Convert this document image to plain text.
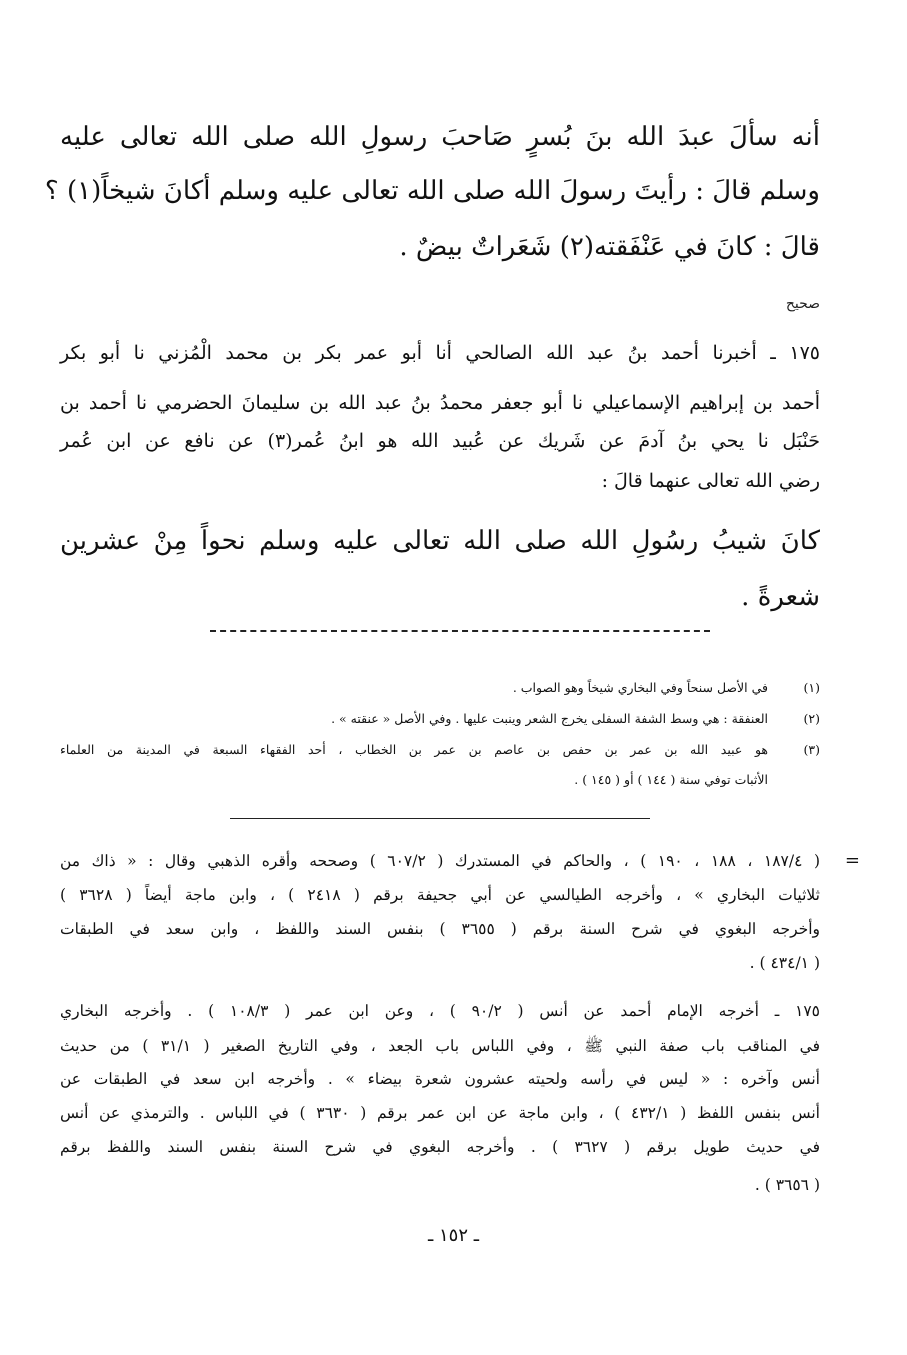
أنه سألَ عبدَ الله بنَ بُسرٍ صَاحبَ رسولِ الله صلى الله تعالى عليه
وسلم قالَ : رأيتَ رسولَ الله صلى الله تعالى عليه وسلم أكانَ شيخاً(١) ؟
قالَ : كانَ في عَنْفَقته(٢) شَعَراتٌ بيضٌ .
صحيح
١٧٥ ـ أخبرنا أحمد بنُ عبد الله الصالحي أنا أبو عمر بكر بن محمد الْمُزني نا أبو بكر
أحمد بن إبراهيم الإسماعيلي نا أبو جعفر محمدُ بنُ عبد الله بن سليمانَ الحضرمي نا أحمد بن
حَنْبَل نا يحي بنُ آدمَ عن شَريك عن عُبيد الله هو ابنُ عُمر(٣) عن نافع عن ابن عُمر
رضي الله تعالى عنهما قالَ :
كانَ شيبُ رسُولِ الله صلى الله تعالى عليه وسلم نحواً مِنْ عشرين
شعرةً .
(١)
في الأصل سنحاً وفي البخاري شيخاً وهو الصواب .
(٢)
العنفقة : هي وسط الشفة السفلى يخرج الشعر وينبت عليها . وفي الأصل « عنقته » .
(٣)
هو عبيد الله بن عمر بن حفص بن عاصم بن عمر بن الخطاب ، أحد الفقهاء السبعة في المدينة من العلماء
الأثبات توفي سنة ( ١٤٤ ) أو ( ١٤٥ ) .
=
( ١٨٧/٤ ، ١٨٨ ، ١٩٠ ) ، والحاكم في المستدرك ( ٦٠٧/٢ ) وصححه وأقره الذهبي وقال : « ذاك من
ثلاثيات البخاري » ، وأخرجه الطيالسي عن أبي جحيفة برقم ( ٢٤١٨ ) ، وابن ماجة أيضاً ( ٣٦٢٨ )
وأخرجه البغوي في شرح السنة برقم ( ٣٦٥٥ ) بنفس السند واللفظ ، وابن سعد في الطبقات
( ٤٣٤/١ ) .
١٧٥ ـ أخرجه الإمام أحمد عن أنس ( ٩٠/٢ ) ، وعن ابن عمر ( ١٠٨/٣ ) . وأخرجه البخاري
في المناقب باب صفة النبي ﷺ ، وفي اللباس باب الجعد ، وفي التاريخ الصغير ( ٣١/١ ) من حديث
أنس وآخره : « ليس في رأسه ولحيته عشرون شعرة بيضاء » . وأخرجه ابن سعد في الطبقات عن
أنس بنفس اللفظ ( ٤٣٢/١ ) ، وابن ماجة عن ابن عمر برقم ( ٣٦٣٠ ) في اللباس . والترمذي عن أنس
في حديث طويل برقم ( ٣٦٢٧ ) . وأخرجه البغوي في شرح السنة بنفس السند واللفظ برقم
( ٣٦٥٦ ) .
ـ ١٥٢ ـ
